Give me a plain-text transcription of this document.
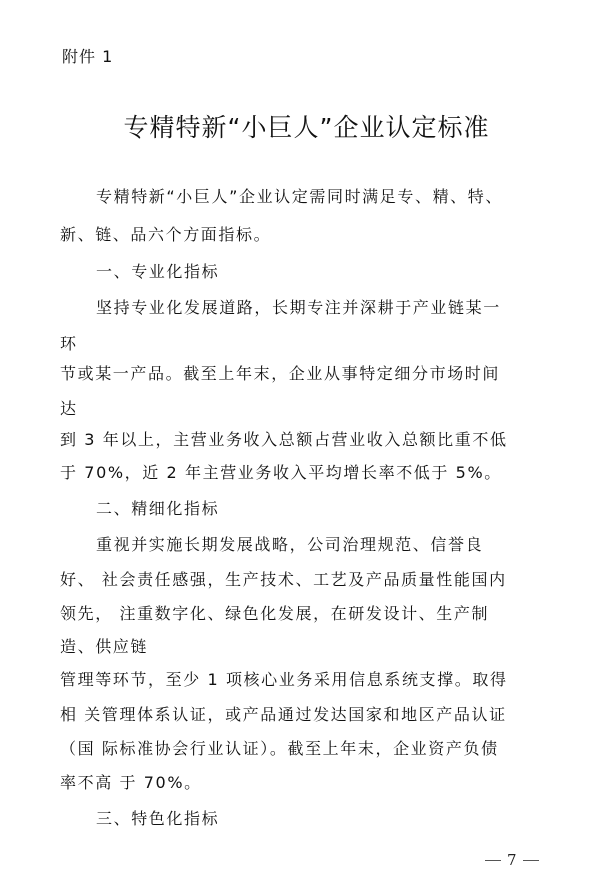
附件 1
专精特新“小巨人”企业认定标准
专精特新“小巨人”企业认定需同时满足专、精、特、
新、链、品六个方面指标。
一、专业化指标
坚持专业化发展道路，长期专注并深耕于产业链某一
环
节或某一产品。截至上年末，企业从事特定细分市场时间
达
到 3 年以上，主营业务收入总额占营业收入总额比重不低
于 70%，近 2 年主营业务收入平均增长率不低于 5%。
二、精细化指标
重视并实施长期发展战略，公司治理规范、信誉良
好、 社会责任感强，生产技术、工艺及产品质量性能国内
领先， 注重数字化、绿色化发展，在研发设计、生产制
造、供应链
管理等环节，至少 1 项核心业务采用信息系统支撑。取得
相 关管理体系认证，或产品通过发达国家和地区产品认证
（国 际标准协会行业认证）。截至上年末，企业资产负债
率不高 于 70%。
三、特色化指标
7
